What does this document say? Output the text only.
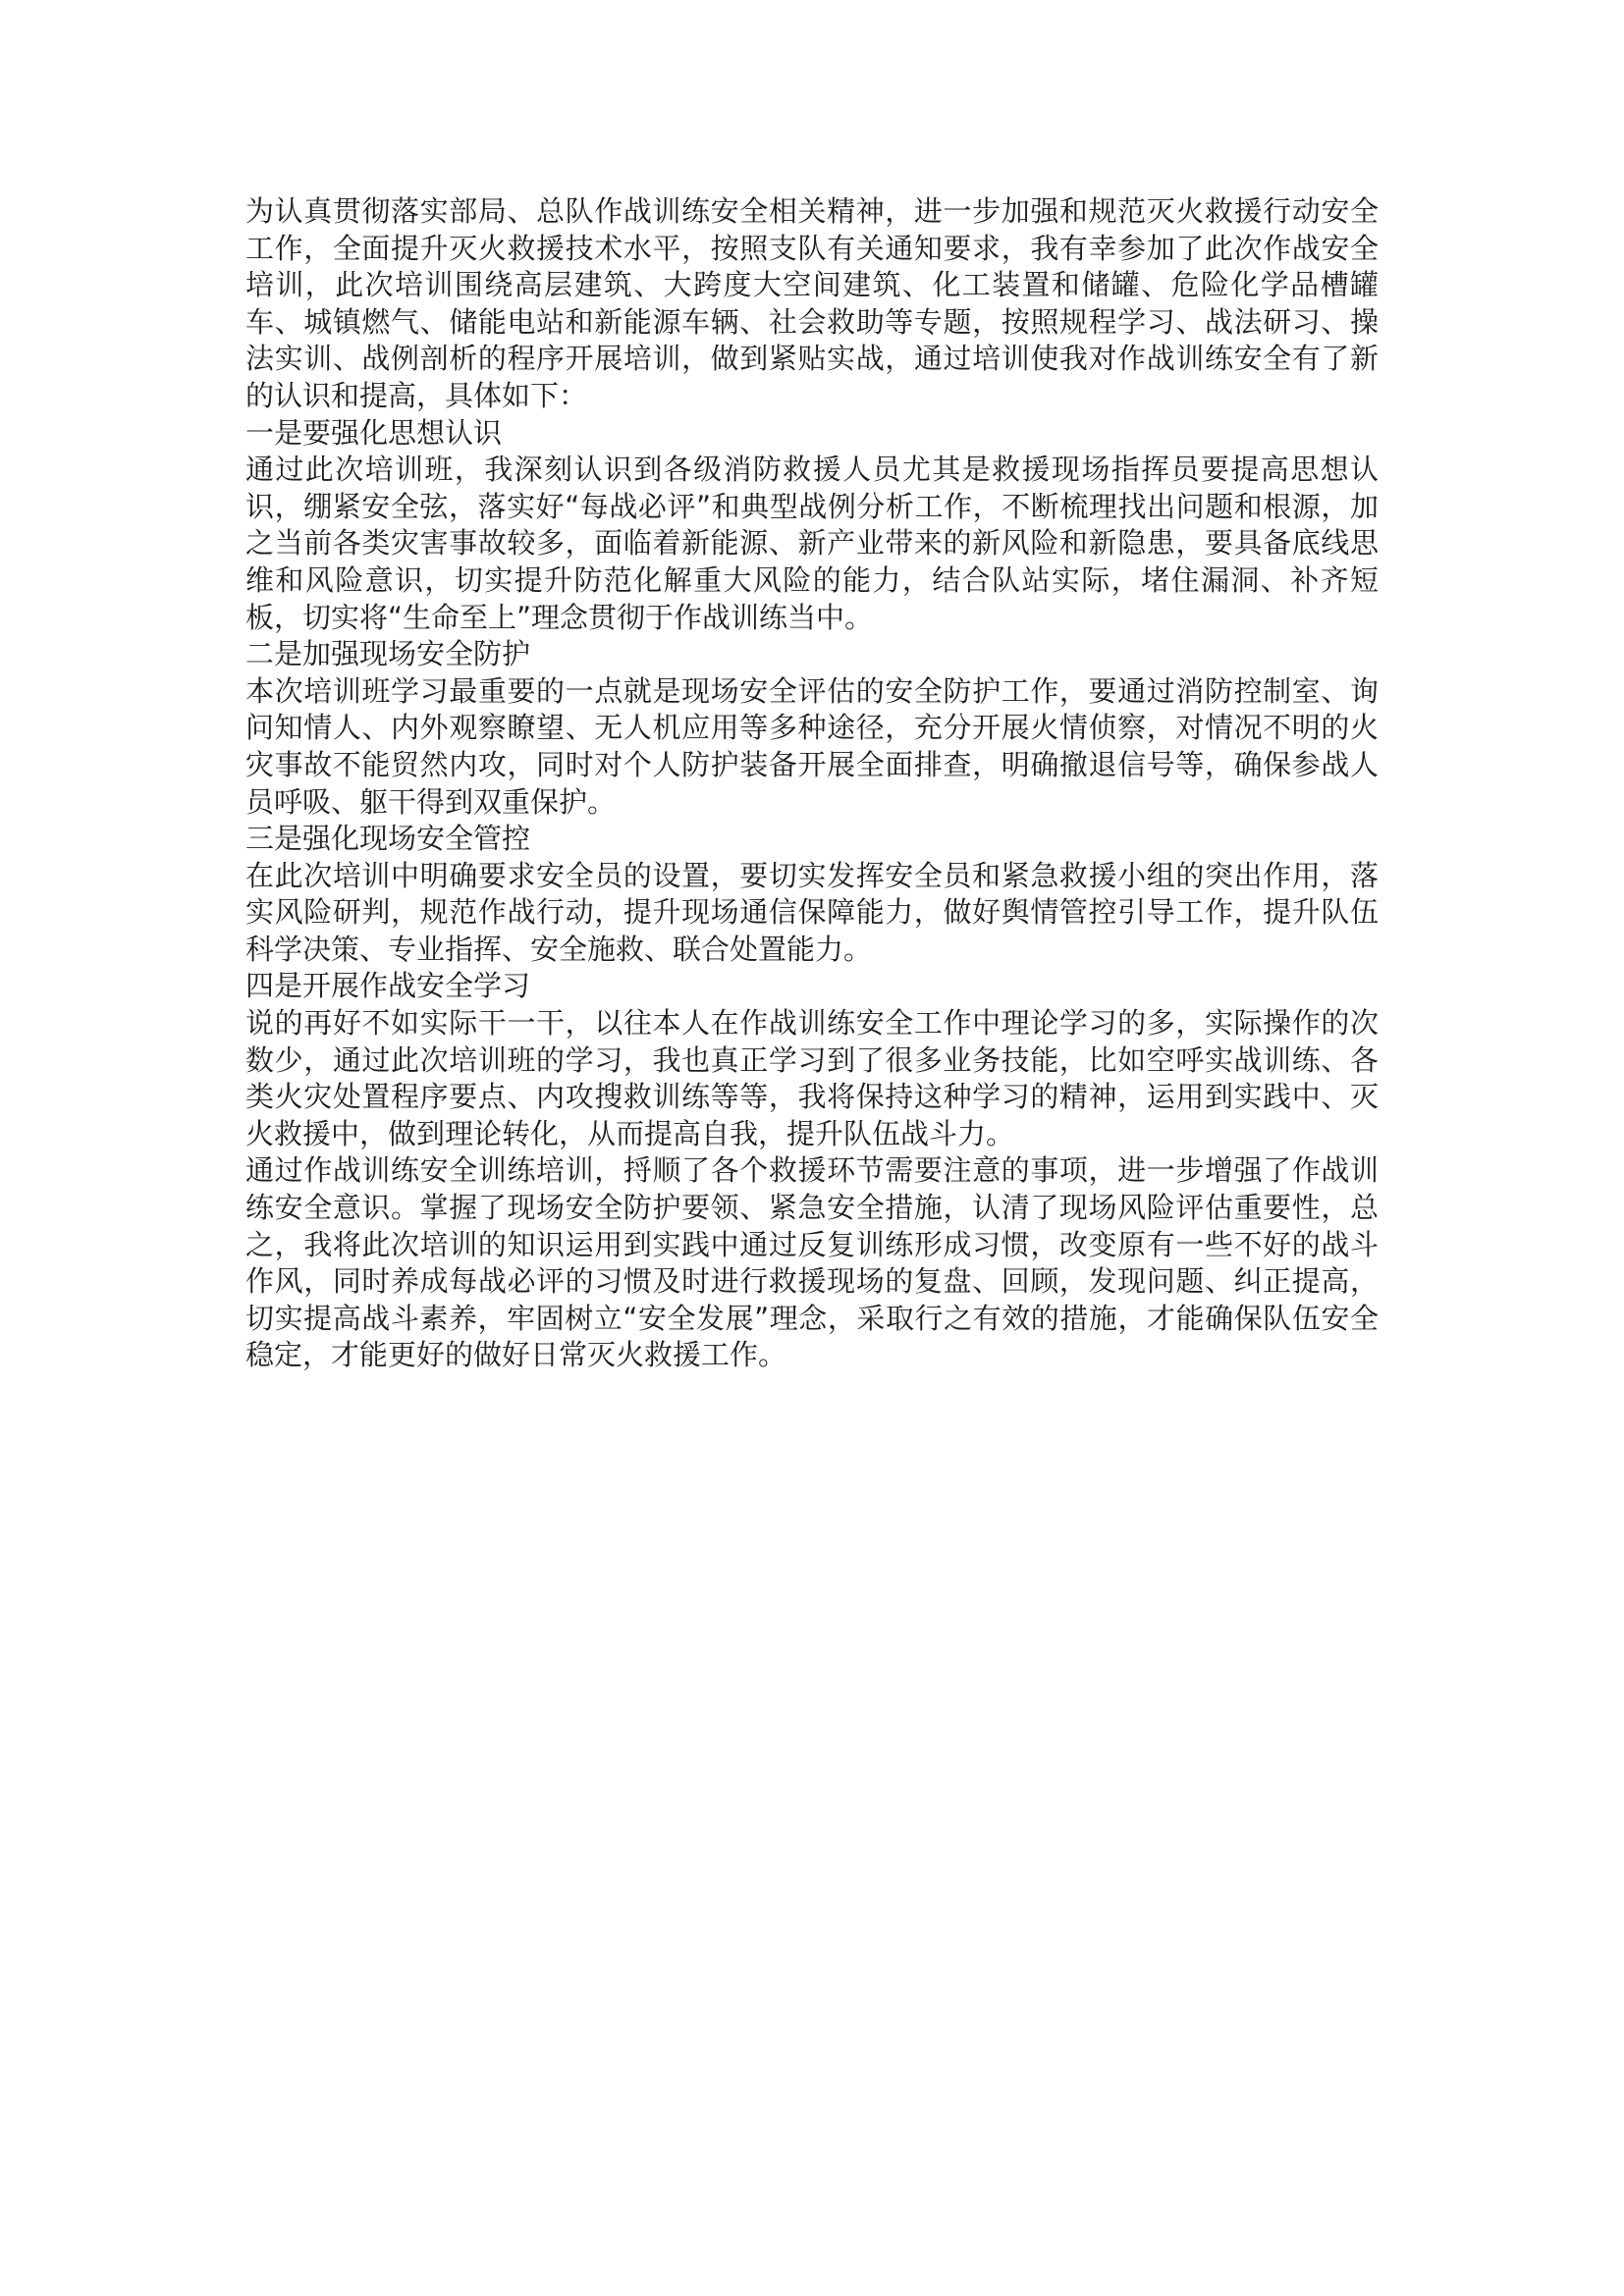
为认真贯彻落实部局、总队作战训练安全相关精神，进一步加强和规范灭火救援行动安全工作，全面提升灭火救援技术水平，按照支队有关通知要求，我有幸参加了此次作战安全培训，此次培训围绕高层建筑、大跨度大空间建筑、化工装置和储罐、危险化学品槽罐车、城镇燃气、储能电站和新能源车辆、社会救助等专题，按照规程学习、战法研习、操法实训、战例剖析的程序开展培训，做到紧贴实战，通过培训使我对作战训练安全有了新的认识和提高，具体如下：

一是要强化思想认识

通过此次培训班，我深刻认识到各级消防救援人员尤其是救援现场指挥员要提高思想认识，绷紧安全弦，落实好“每战必评”和典型战例分析工作，不断梳理找出问题和根源，加之当前各类灾害事故较多，面临着新能源、新产业带来的新风险和新隐患，要具备底线思维和风险意识，切实提升防范化解重大风险的能力，结合队站实际，堵住漏洞、补齐短板，切实将“生命至上”理念贯彻于作战训练当中。

二是加强现场安全防护

本次培训班学习最重要的一点就是现场安全评估的安全防护工作，要通过消防控制室、询问知情人、内外观察瞭望、无人机应用等多种途径，充分开展火情侦察，对情况不明的火灾事故不能贸然内攻，同时对个人防护装备开展全面排查，明确撤退信号等，确保参战人员呼吸、躯干得到双重保护。

三是强化现场安全管控

在此次培训中明确要求安全员的设置，要切实发挥安全员和紧急救援小组的突出作用，落实风险研判，规范作战行动，提升现场通信保障能力，做好舆情管控引导工作，提升队伍科学决策、专业指挥、安全施救、联合处置能力。

四是开展作战安全学习

说的再好不如实际干一干，以往本人在作战训练安全工作中理论学习的多，实际操作的次数少，通过此次培训班的学习，我也真正学习到了很多业务技能，比如空呼实战训练、各类火灾处置程序要点、内攻搜救训练等等，我将保持这种学习的精神，运用到实践中、灭火救援中，做到理论转化，从而提高自我，提升队伍战斗力。

通过作战训练安全训练培训，捋顺了各个救援环节需要注意的事项，进一步增强了作战训练安全意识。掌握了现场安全防护要领、紧急安全措施，认清了现场风险评估重要性，总之，我将此次培训的知识运用到实践中通过反复训练形成习惯，改变原有一些不好的战斗作风，同时养成每战必评的习惯及时进行救援现场的复盘、回顾，发现问题、纠正提高，切实提高战斗素养，牢固树立“安全发展”理念，采取行之有效的措施，才能确保队伍安全稳定，才能更好的做好日常灭火救援工作。
